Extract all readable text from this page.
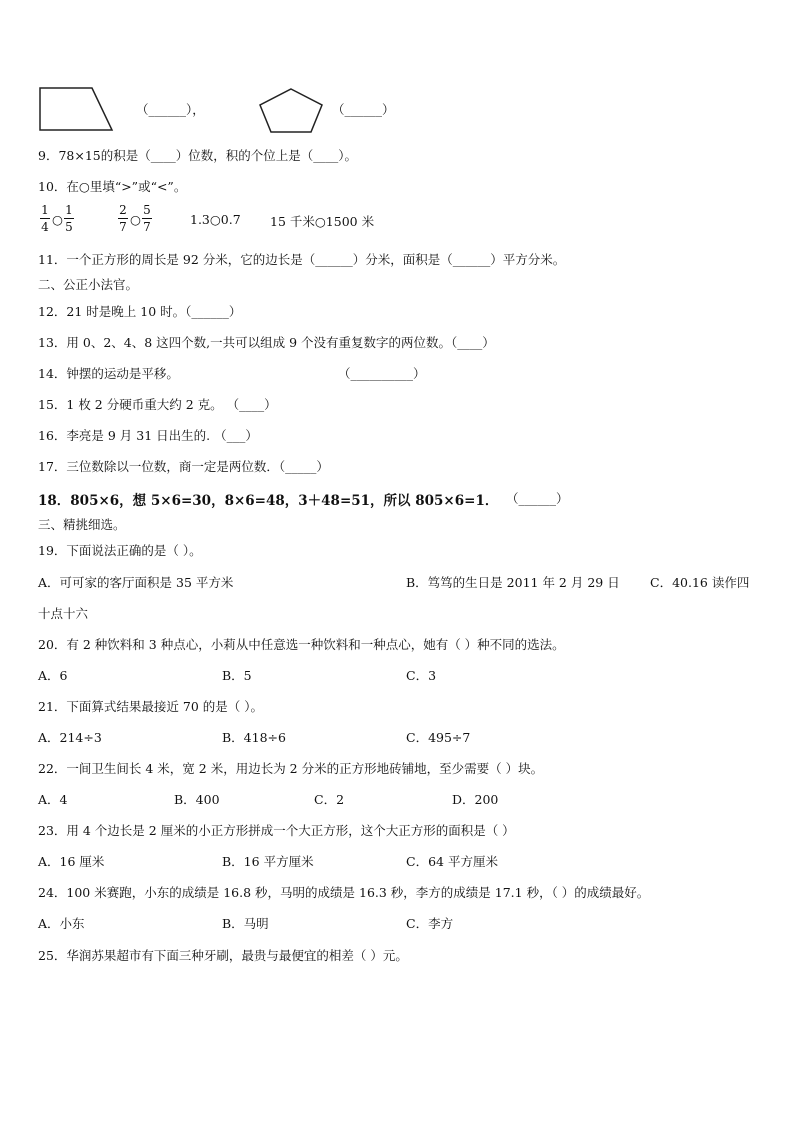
（______），	（______）
9．78×15的积是（____）位数，积的个位上是（____）。
10．在○里填“>”或“<”。
1
4 ○
1
5
2
7 ○
5
7	1.3○0.7 15 千米○1500 米
11．一个正方形的周长是 92 分米，它的边长是（______）分米，面积是（______）平方分米。
二、公正小法官。
12．21 时是晚上 10 时。（______）
13．用 0、2、4、8 这四个数,一共可以组成 9 个没有重复数字的两位数。（____）
14．钟摆的运动是平移。	（__________）
15．1 枚 2 分硬币重大约 2 克。 （____）
16．李亮是 9 月 31 日出生的. （___）
17．三位数除以一位数，商一定是两位数．（_____）
18．805×6，想 5×6=30，8×6=48，3＋48=51，所以 805×6=1． （______）
三、精挑细选。
19．下面说法正确的是（ ）。
A．可可家的客厅面积是 35 平方米	B．笃笃的生日是 2011 年 2 月 29 日 C．40.16 读作四
十点十六
20．有 2 种饮料和 3 种点心，小莉从中任意选一种饮料和一种点心，她有（ ）种不同的选法。
A．6	B．5	C．3
21．下面算式结果最接近 70 的是（ ）。
A．214÷3	B．418÷6	C．495÷7
22．一间卫生间长 4 米，宽 2 米，用边长为 2 分米的正方形地砖铺地，至少需要（ ）块。
A．4	B．400	C．2	D．200
23．用 4 个边长是 2 厘米的小正方形拼成一个大正方形，这个大正方形的面积是（ ）
A．16 厘米	B．16 平方厘米	C．64 平方厘米
24．100 米赛跑，小东的成绩是 16.8 秒，马明的成绩是 16.3 秒，李方的成绩是 17.1 秒，（ ）的成绩最好。
A．小东	B．马明	C．李方
25．华润苏果超市有下面三种牙刷，最贵与最便宜的相差（ ）元。
